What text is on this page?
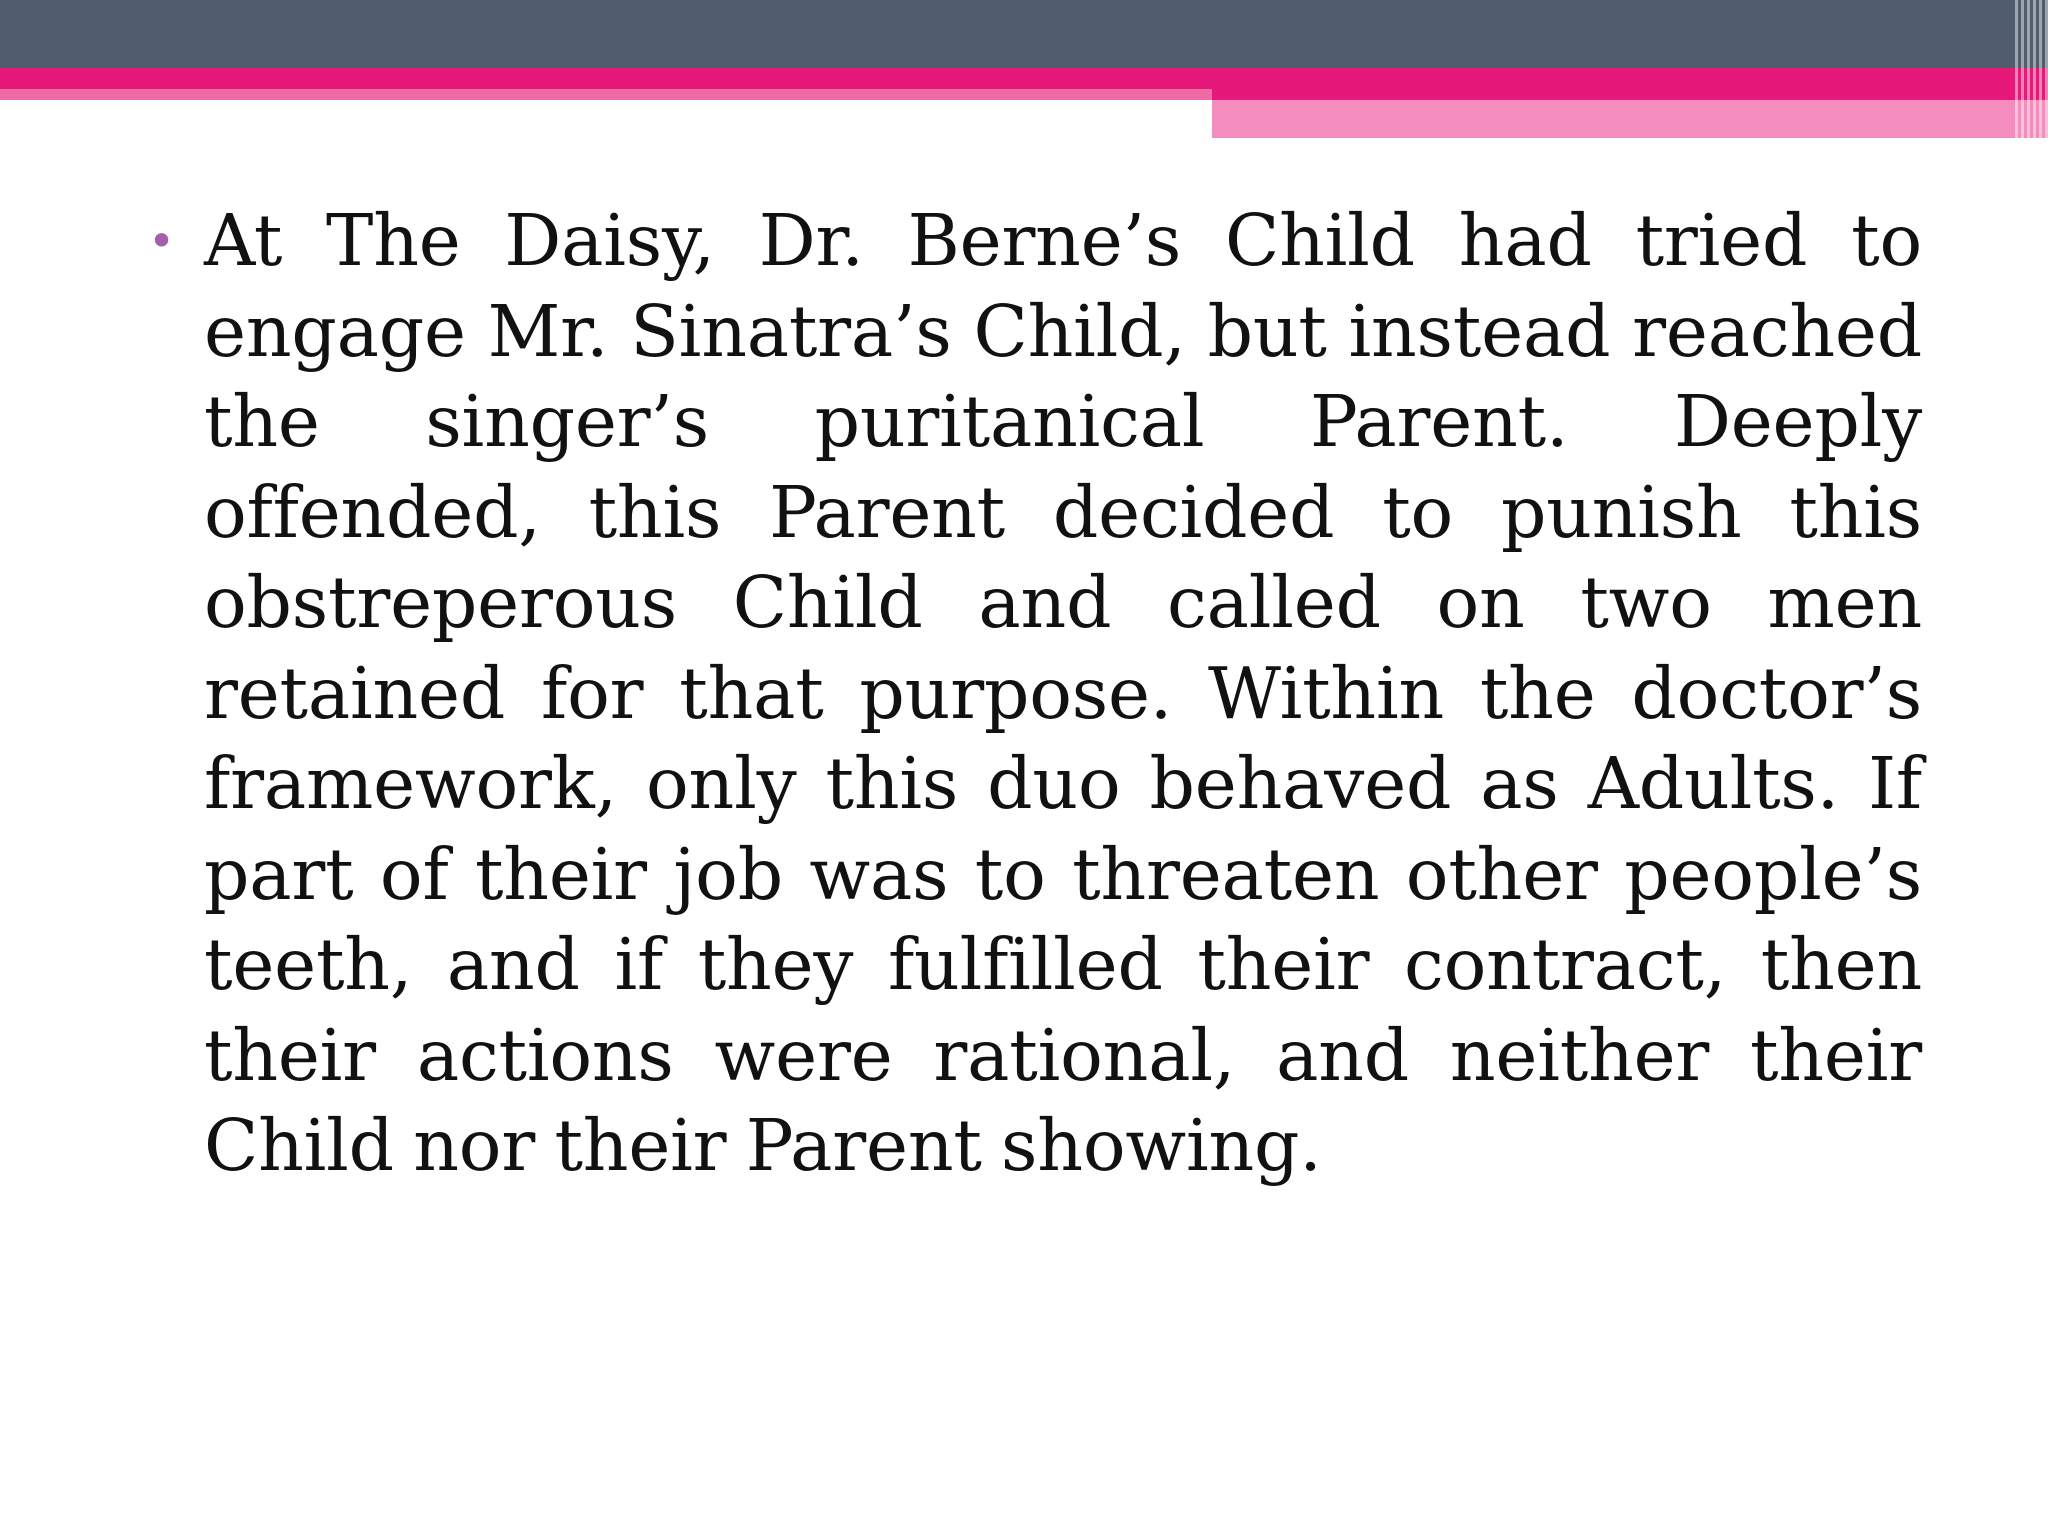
• At The Daisy, Dr. Berne’s Child had tried to engage Mr. Sinatra’s Child, but instead reached the singer’s puritanical Parent. Deeply offended, this Parent decided to punish this obstreperous Child and called on two men retained for that purpose. Within the doctor’s framework, only this duo behaved as Adults. If part of their job was to threaten other people’s teeth, and if they fulfilled their contract, then their actions were rational, and neither their Child nor their Parent showing.
